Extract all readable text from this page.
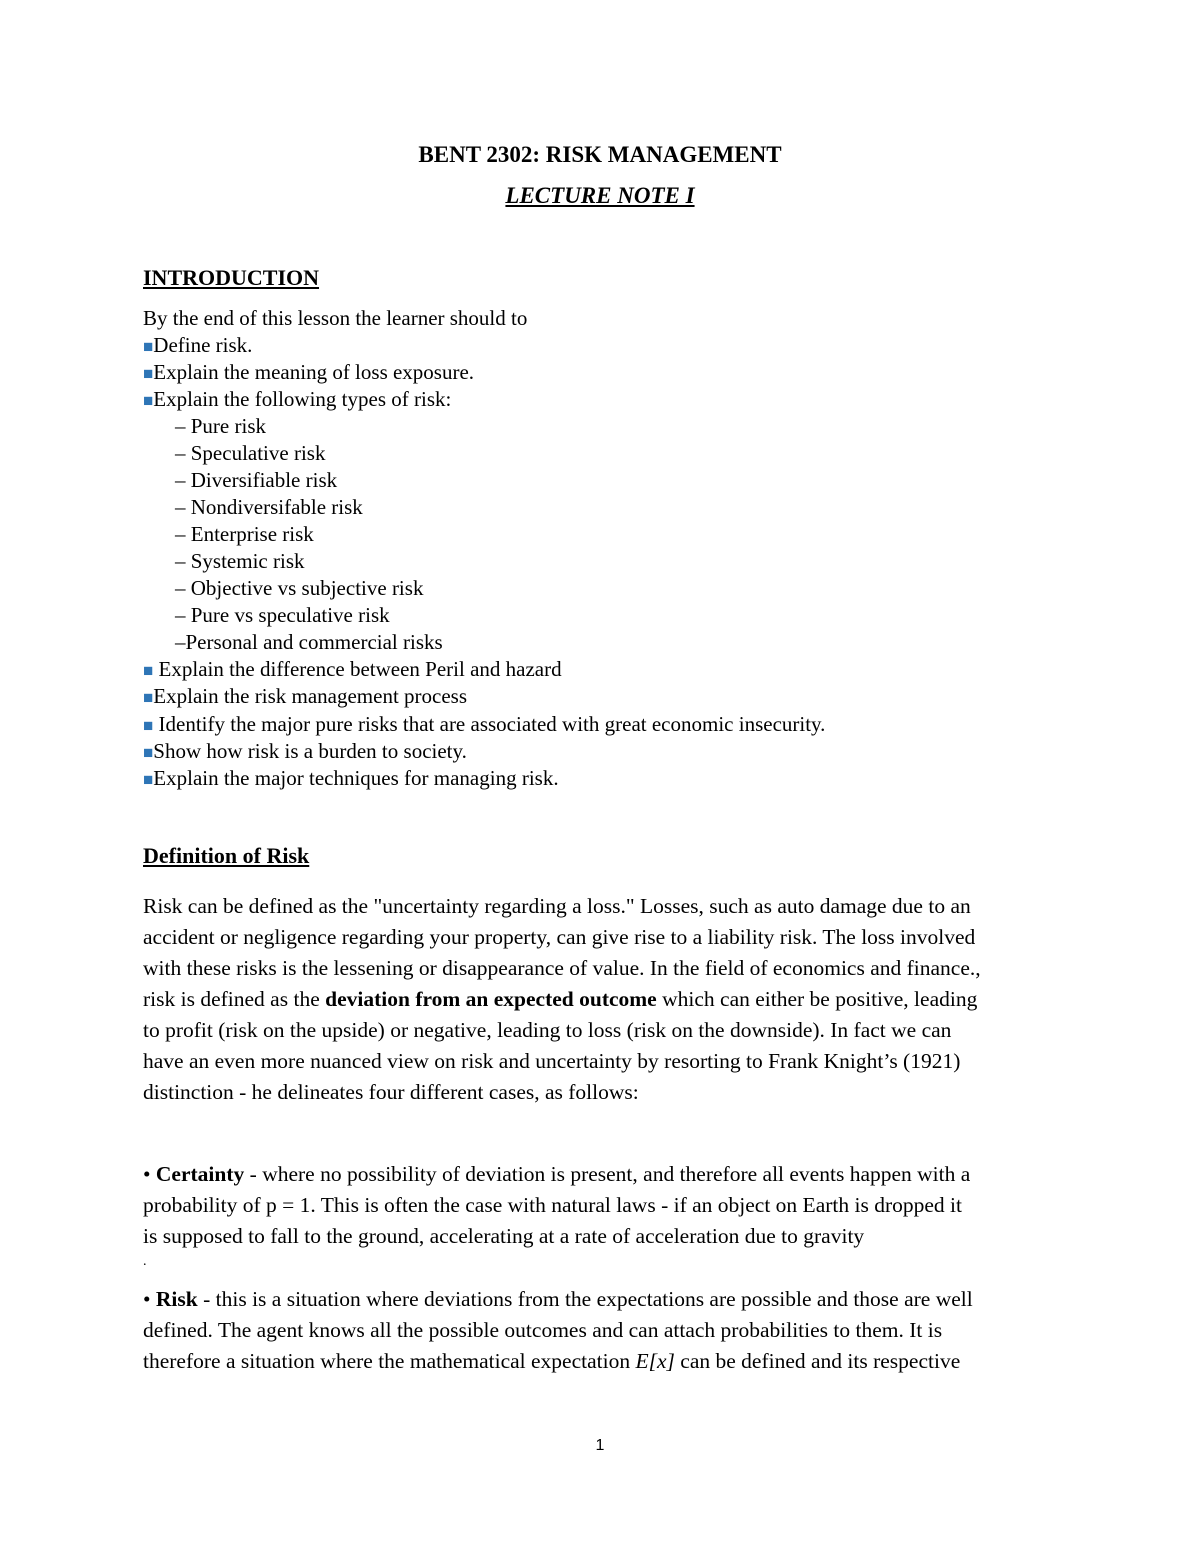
BENT 2302: RISK MANAGEMENT
LECTURE NOTE I
INTRODUCTION
By the end of this lesson the learner should to
■Define risk.
■Explain the meaning of loss exposure.
■Explain the following types of risk:
– Pure risk
– Speculative risk
– Diversifiable risk
– Nondiversifable risk
– Enterprise risk
– Systemic risk
– Objective vs subjective risk
– Pure vs speculative risk
–Personal and commercial risks
■ Explain the difference between Peril and hazard
■Explain the risk management process
■ Identify the major pure risks that are associated with great economic insecurity.
■Show how risk is a burden to society.
■Explain the major techniques for managing risk.
Definition of Risk
Risk can be defined as the "uncertainty regarding a loss." Losses, such as auto damage due to an
accident or negligence regarding your property, can give rise to a liability risk. The loss involved
with these risks is the lessening or disappearance of value. In the field of economics and finance.,
risk is defined as the deviation from an expected outcome which can either be positive, leading
to profit (risk on the upside) or negative, leading to loss (risk on the downside). In fact we can
have an even more nuanced view on risk and uncertainty by resorting to Frank Knight’s (1921)
distinction - he delineates four different cases, as follows:
• Certainty - where no possibility of deviation is present, and therefore all events happen with a
probability of p = 1. This is often the case with natural laws - if an object on Earth is dropped it
is supposed to fall to the ground, accelerating at a rate of acceleration due to gravity
.
• Risk - this is a situation where deviations from the expectations are possible and those are well
defined. The agent knows all the possible outcomes and can attach probabilities to them. It is
therefore a situation where the mathematical expectation E[x] can be defined and its respective
1
